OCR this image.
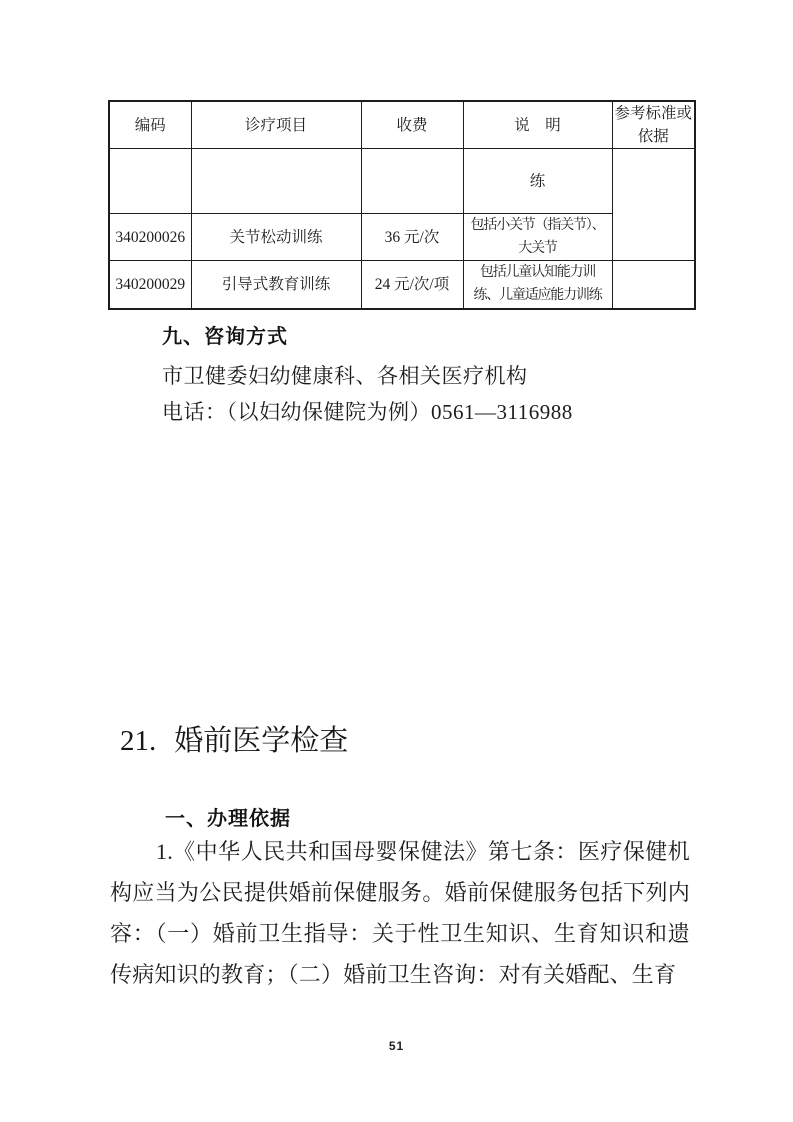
编码	诊疗项目	收费	说　明	参考标准或依据
			练	
340200026	关节松动训练	36 元/次	包括小关节（指关节）、
大关节	

340200029	引导式教育训练	24 元/次/项	包括儿童认知能力训
练、儿童适应能力训练	

九、咨询方式
市卫健委妇幼健康科、各相关医疗机构
电话：（以妇幼保健院为例）0561—3116988
21. 婚前医学检查
一、办理依据
1.《中华人民共和国母婴保健法》第七条：医疗保健机构应当为公民提供婚前保健服务。婚前保健服务包括下列内容：（一）婚前卫生指导：关于性卫生知识、生育知识和遗传病知识的教育；（二）婚前卫生咨询：对有关婚配、生育
51
